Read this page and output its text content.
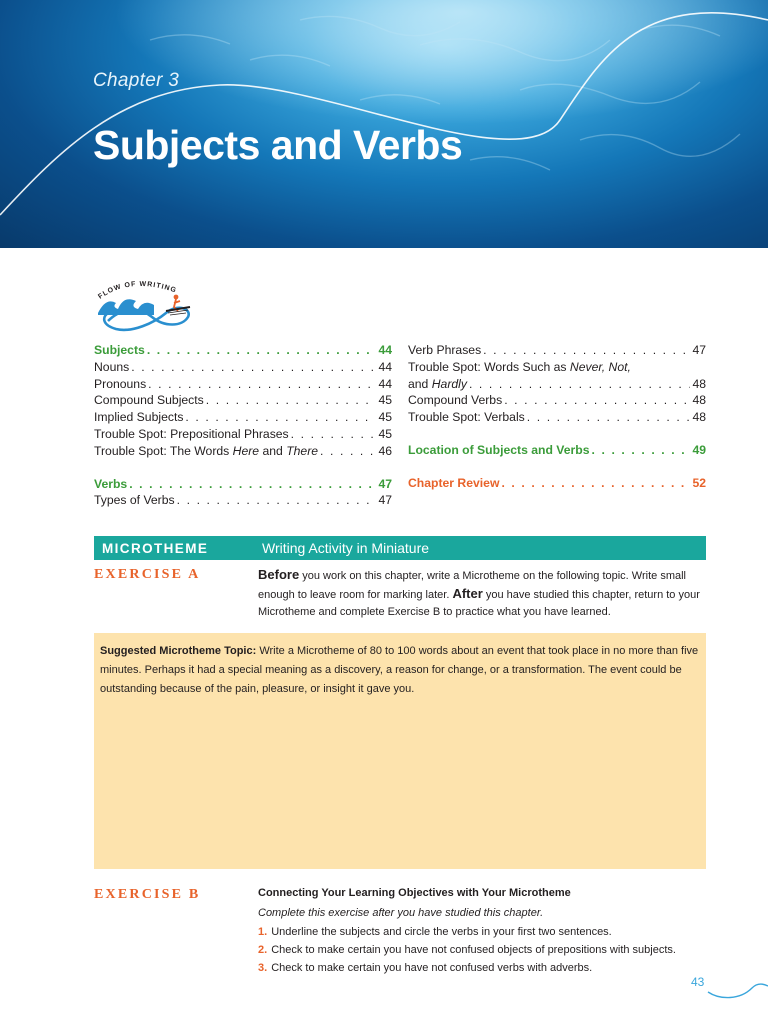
Chapter 3
Subjects and Verbs
FLOW OF WRITING
Subjects . . .	44
Nouns . . .	44
Pronouns . . .	44
Compound Subjects . . .	45
Implied Subjects . . .	45
Trouble Spot: Prepositional Phrases . . .	45
Trouble Spot: The Words Here and There . . .	46
Verbs . . .	47
Types of Verbs . . .	47
Verb Phrases . . .	47
Trouble Spot: Words Such as Never, Not,
and Hardly . . .	48
Compound Verbs . . .	48
Trouble Spot: Verbals . . .	48
Location of Subjects and Verbs . . .	49
Chapter Review . . .	52
MICROTHEME	Writing Activity in Miniature
EXERCISE A	Before you work on this chapter, write a Microtheme on the following topic. Write small enough to leave room for marking later. After you have studied this chapter, return to your Microtheme and complete Exercise B to practice what you have learned.
Suggested Microtheme Topic: Write a Microtheme of 80 to 100 words about an event that took place in no more than five minutes. Perhaps it had a special meaning as a discovery, a reason for change, or a transformation. The event could be outstanding because of the pain, pleasure, or insight it gave you.
EXERCISE B	Connecting Your Learning Objectives with Your Microtheme
Complete this exercise after you have studied this chapter.
1. Underline the subjects and circle the verbs in your first two sentences.
2. Check to make certain you have not confused objects of prepositions with subjects.
3. Check to make certain you have not confused verbs with adverbs.
43
